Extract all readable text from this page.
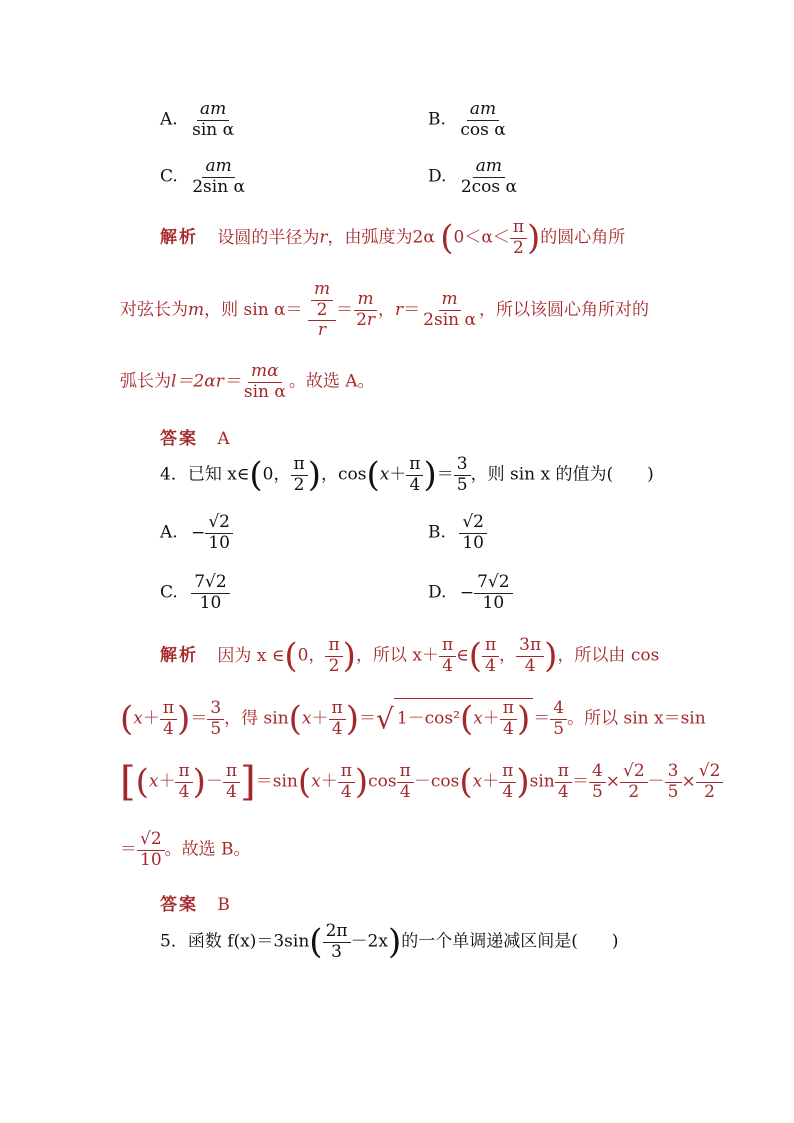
A. $\frac{am}{\text{sin α}}$	B. $\frac{am}{\text{cos α}}$
C. $\frac{am}{\text{2sin α}}$	D. $\frac{am}{\text{2cos α}}$
解析 设圆的半径为r，由弧度为2α ($0<\alpha< \frac{\pi}{2}$ )的圆心角所
对弦长为m，则 $\sin \alpha= \frac{\frac{m}{2}}{r} = \frac{m}{2r}$ ，$r= \frac{m}{\text{2sin α}}$ ，所以该圆心角所对的
弧长为$l=2\alpha r= \frac{m\alpha}{\text{sin α}}$ 。故选 A。
答案 A
4．已知 x∈(0， $\frac{\pi}{2}$ )，$\cos(x+ \frac{\pi}{4}$ )＝ $\frac{3}{5}$ ，则 sin x 的值为(　　)
A. − $\frac{√2}{10}$	B. $\frac{√2}{10}$
C. $\frac{7√2}{10}$	D. − $\frac{7√2}{10}$
解析 因为 x ∈(0， $\frac{\pi}{2}$ )，所以 $x+ \frac{\pi}{4}$ ∈( $\frac{\pi}{4}$ ， $\frac{3\pi}{4}$ )，所以由 cos
($x+ \frac{\pi}{4}$ )＝ $\frac{3}{5}$ ，得 $\sin(x+ \frac{\pi}{4}$ )＝√ $1-\cos^2(x+ \frac{\pi}{4}$ ) ＝ $\frac{4}{5}$ 。所以 sin x＝sin
[($x+ \frac{\pi}{4}$ )－ $\frac{\pi}{4} ]=\sin(x+ \frac{\pi}{4} )\cos \frac{\pi}{4} -\cos(x+ \frac{\pi}{4} )\sin \frac{\pi}{4} = \frac{4}{5} \times \frac{√2}{2} - \frac{3}{5} \times \frac{√2}{2}$
＝ $\frac{√2}{10}$ 。故选 B。
答案 B
5．函数 $f(x)=3\sin( \frac{2\pi}{3} -2x)$的一个单调递减区间是(　　)
